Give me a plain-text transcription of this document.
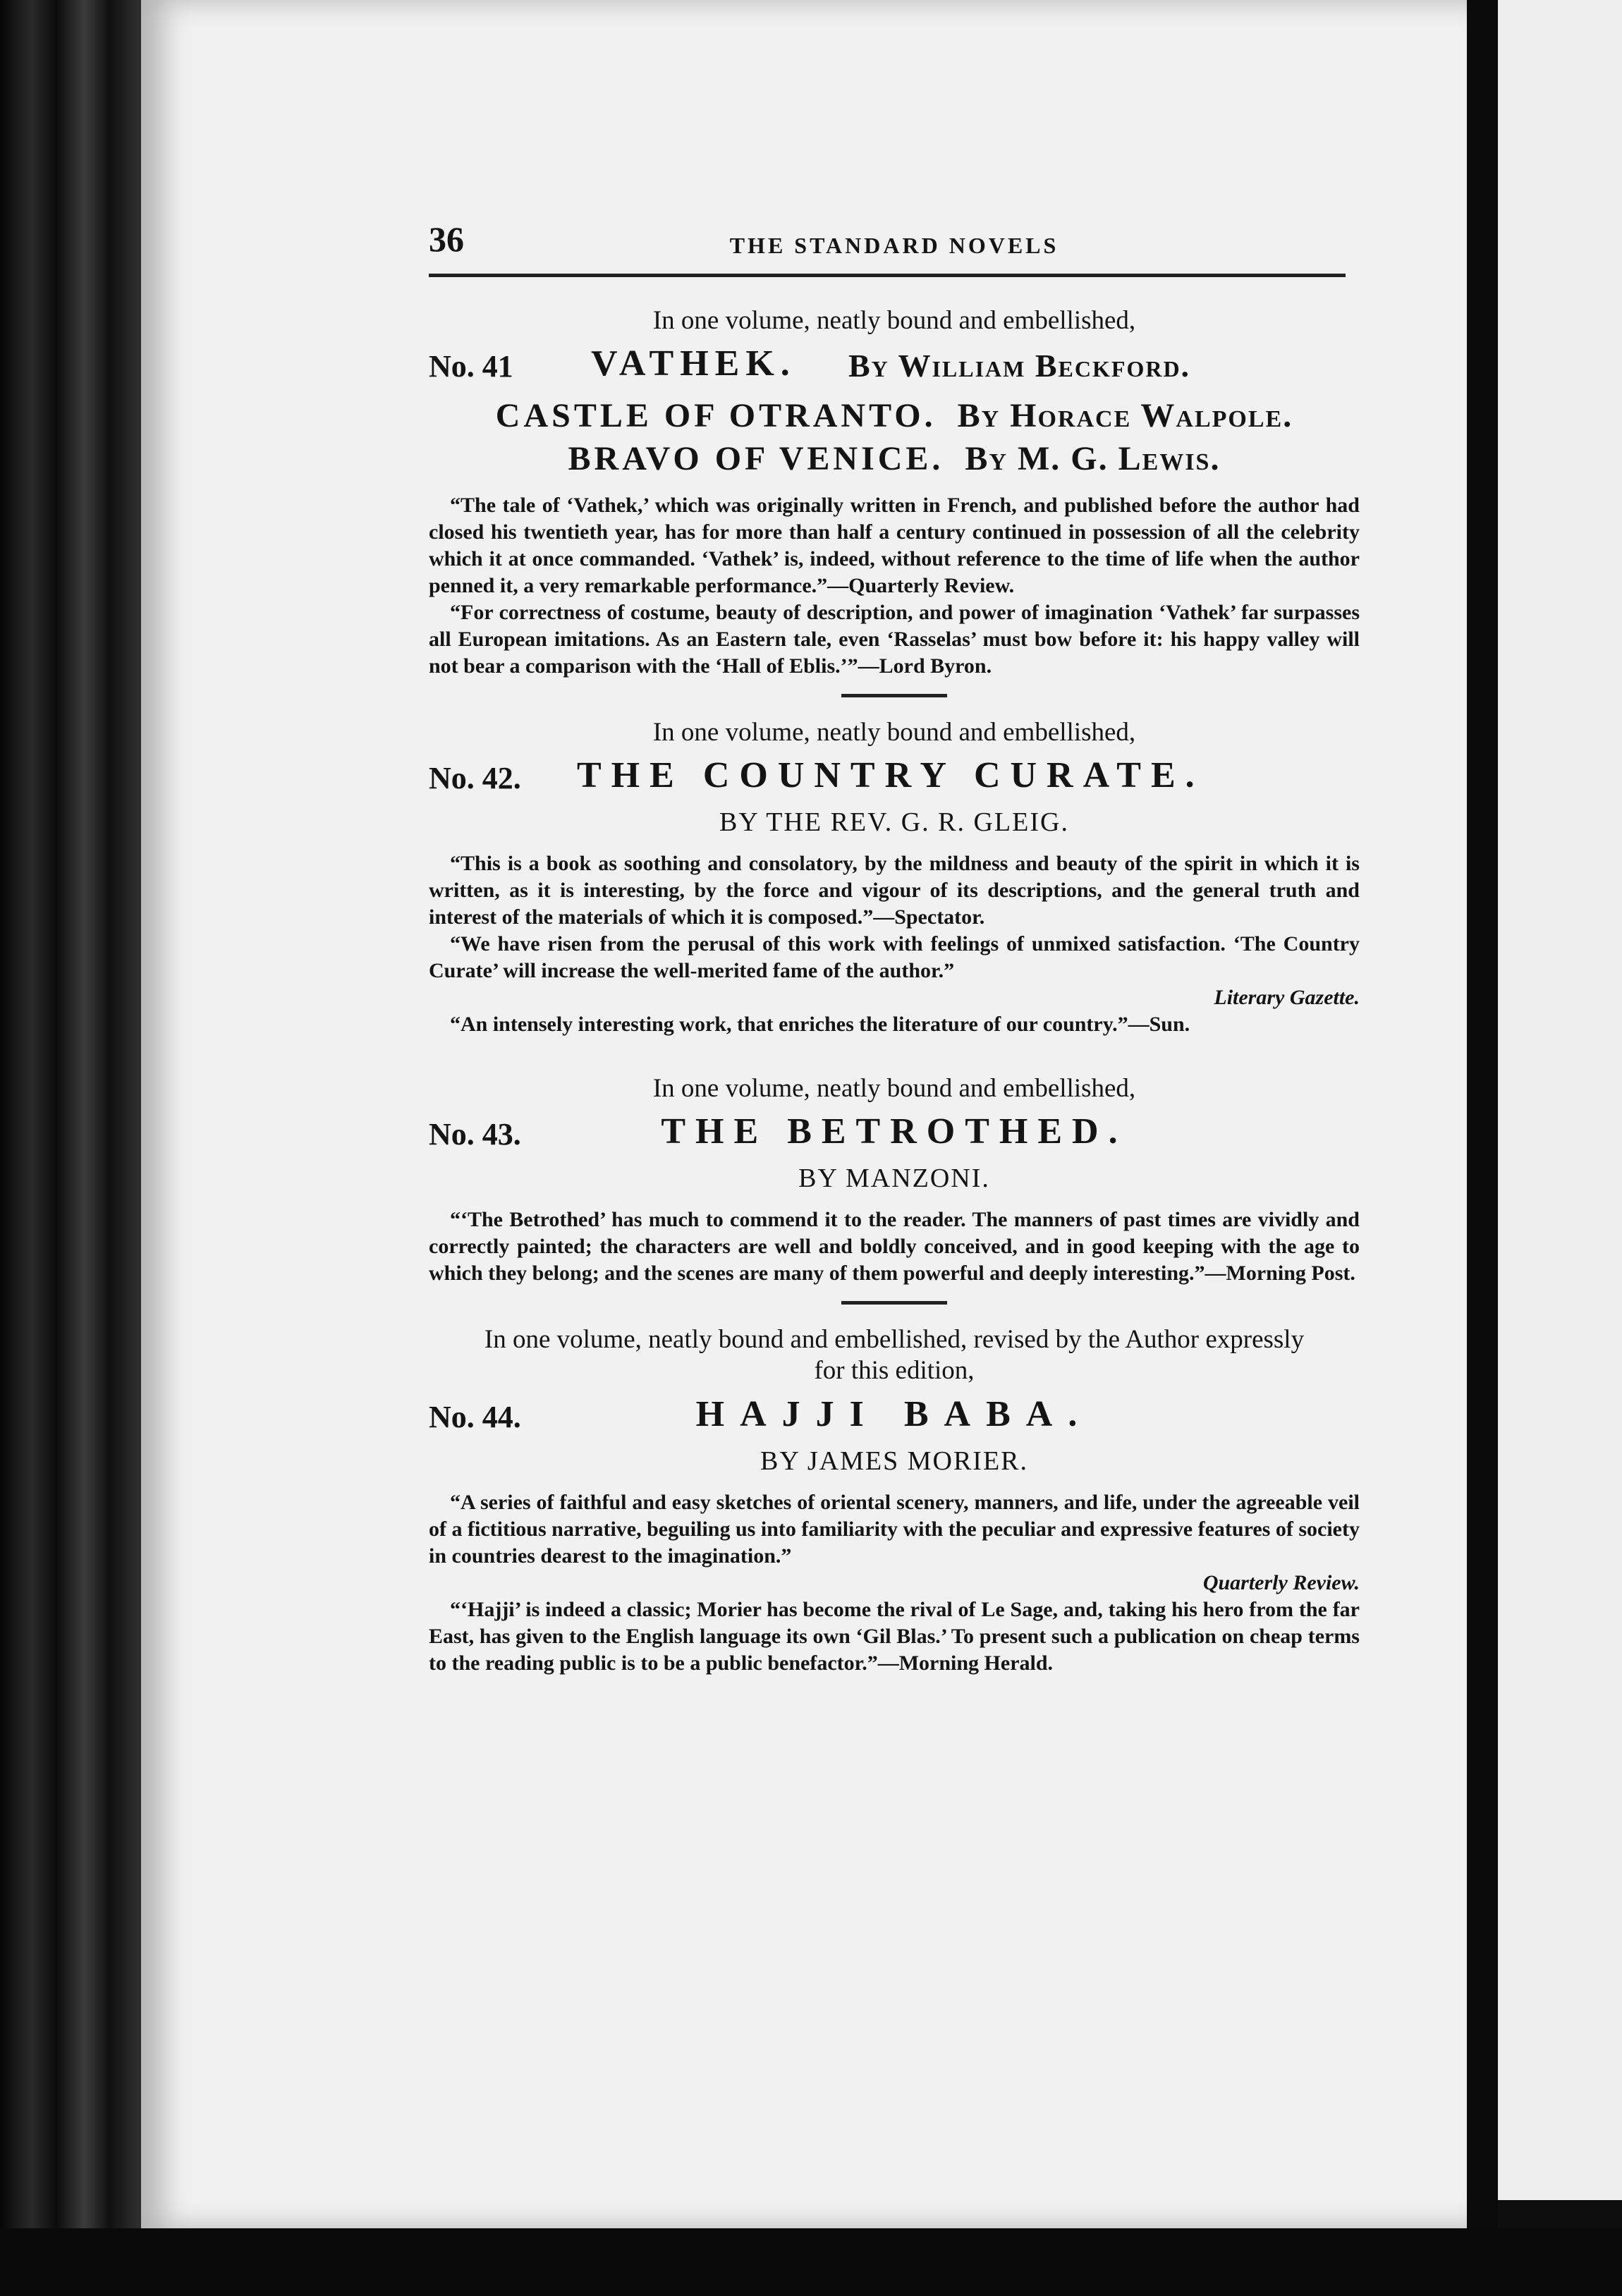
36	THE STANDARD NOVELS
In one volume, neatly bound and embellished,
No. 41 VATHEK. By William Beckford.
CASTLE OF OTRANTO. By Horace Walpole.
BRAVO OF VENICE. By M. G. Lewis.

“The tale of ‘Vathek,’ which was originally written in French, and published before the author had closed his twentieth year, has for more than half a century continued in possession of all the celebrity which it at once commanded. ‘Vathek’ is, indeed, without reference to the time of life when the author penned it, a very remarkable performance.”—Quarterly Review.

“For correctness of costume, beauty of description, and power of imagination ‘Vathek’ far surpasses all European imitations. As an Eastern tale, even ‘Rasselas’ must bow before it: his happy valley will not bear a comparison with the ‘Hall of Eblis.’”—Lord Byron.

In one volume, neatly bound and embellished,
No. 42. THE COUNTRY CURATE.
BY THE REV. G. R. GLEIG.

“This is a book as soothing and consolatory, by the mildness and beauty of the spirit in which it is written, as it is interesting, by the force and vigour of its descriptions, and the general truth and interest of the materials of which it is composed.”—Spectator.

“We have risen from the perusal of this work with feelings of unmixed satisfaction. ‘The Country Curate’ will increase the well-merited fame of the author.”

Literary Gazette.

“An intensely interesting work, that enriches the literature of our country.”—Sun.

In one volume, neatly bound and embellished,
No. 43.	THE BETROTHED.
BY MANZONI.

“‘The Betrothed’ has much to commend it to the reader. The manners of past times are vividly and correctly painted; the characters are well and boldly conceived, and in good keeping with the age to which they belong; and the scenes are many of them powerful and deeply interesting.”—Morning Post.

In one volume, neatly bound and embellished, revised by the Author expressly for this edition,
No. 44.	HAJJI BABA.
BY JAMES MORIER.

“A series of faithful and easy sketches of oriental scenery, manners, and life, under the agreeable veil of a fictitious narrative, beguiling us into familiarity with the peculiar and expressive features of society in countries dearest to the imagination.”

Quarterly Review.

“‘Hajji’ is indeed a classic; Morier has become the rival of Le Sage, and, taking his hero from the far East, has given to the English language its own ‘Gil Blas.’ To present such a publication on cheap terms to the reading public is to be a public benefactor.”—Morning Herald.
